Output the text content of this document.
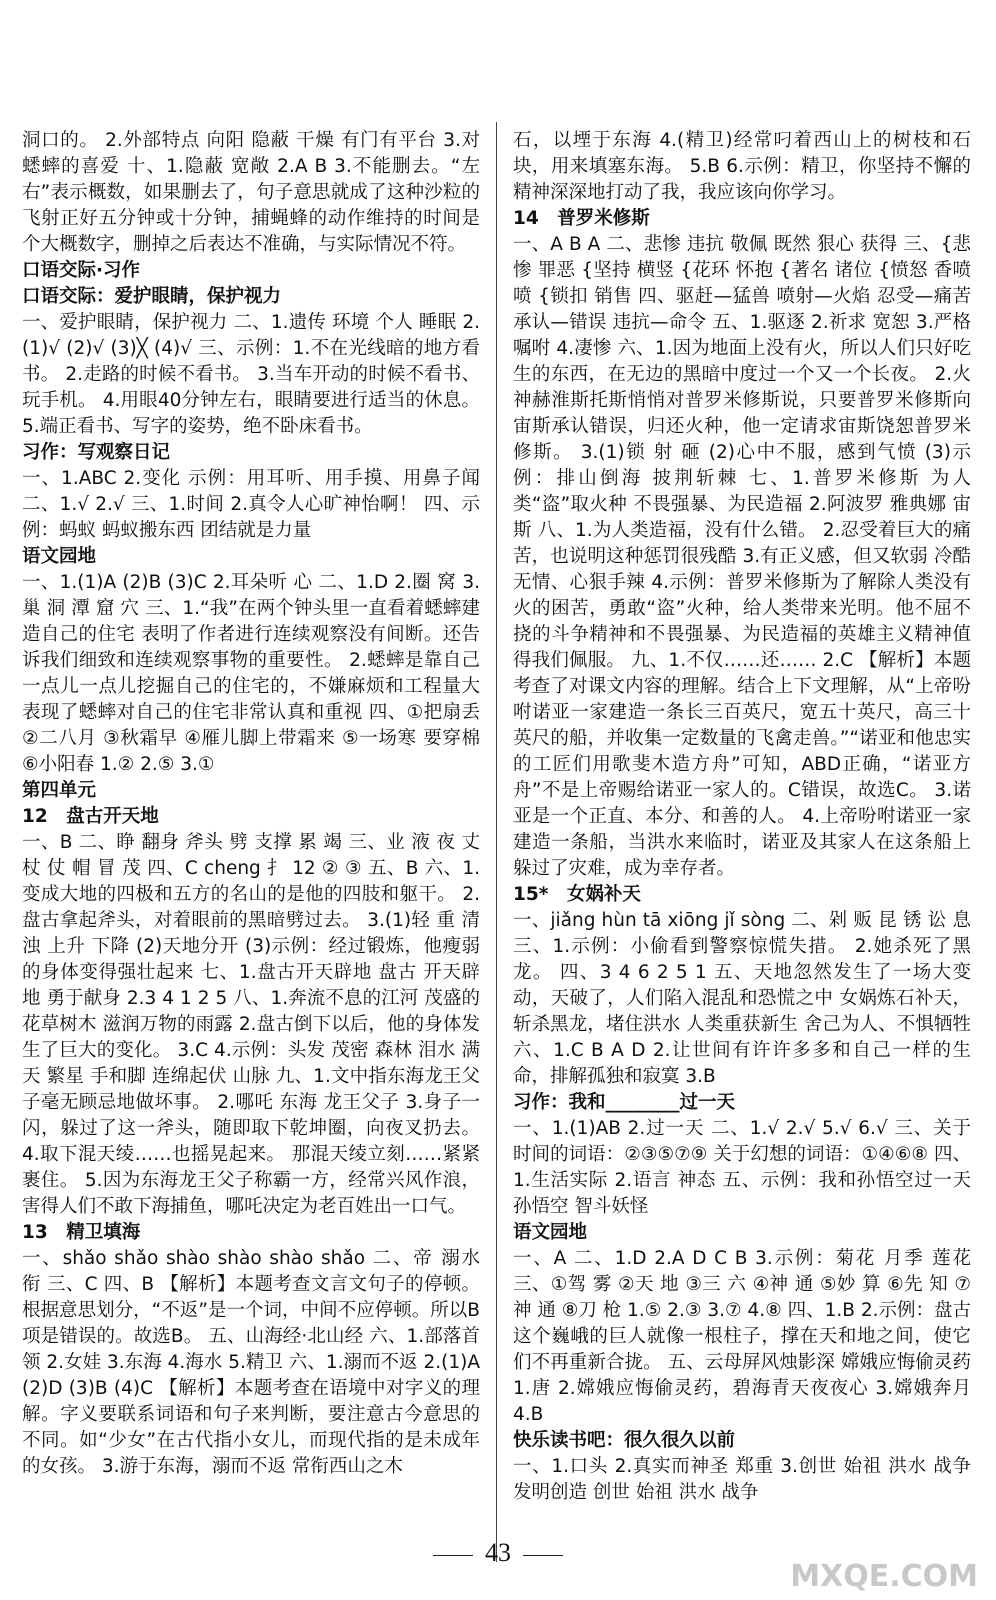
洞口的。 2.外部特点 向阳 隐蔽 干燥 有门有平台 3.对蟋蟀的喜爱 十、1.隐蔽 宽敞 2.A B 3.不能删去。“左右”表示概数，如果删去了，句子意思就成了这种沙粒的飞射正好五分钟或十分钟，捕蝇蜂的动作维持的时间是个大概数字，删掉之后表达不准确，与实际情况不符。

口语交际·习作

口语交际：爱护眼睛，保护视力

一、爱护眼睛，保护视力 二、1.遗传 环境 个人 睡眠 2.(1)√ (2)√ (3)╳ (4)√ 三、示例：1.不在光线暗的地方看书。 2.走路的时候不看书。 3.当车开动的时候不看书、玩手机。 4.用眼40分钟左右，眼睛要进行适当的休息。 5.端正看书、写字的姿势，绝不卧床看书。

习作：写观察日记

一、1.ABC 2.变化 示例：用耳听、用手摸、用鼻子闻 二、1.√ 2.√ 三、1.时间 2.真令人心旷神怡啊！ 四、示例：蚂蚁 蚂蚁搬东西 团结就是力量

语文园地

一、1.(1)A (2)B (3)C 2.耳朵听 心 二、1.D 2.圈 窝 3.巢 洞 潭 窟 穴 三、1.“我”在两个钟头里一直看着蟋蟀建造自己的住宅 表明了作者进行连续观察没有间断。还告诉我们细致和连续观察事物的重要性。 2.蟋蟀是靠自己一点儿一点儿挖掘自己的住宅的，不嫌麻烦和工程量大 表现了蟋蟀对自己的住宅非常认真和重视 四、①把扇丢 ②二八月 ③秋霜早 ④雁儿脚上带霜来 ⑤一场寒 要穿棉 ⑥小阳春 1.② 2.⑤ 3.①

第四单元

12　盘古开天地

一、B 二、睁 翻身 斧头 劈 支撑 累 竭 三、业 液 夜 丈 杖 仗 帽 冒 茂 四、C cheng 扌 12 ② ③ 五、B 六、1.变成大地的四极和五方的名山的是他的四肢和躯干。 2.盘古拿起斧头，对着眼前的黑暗劈过去。 3.(1)轻 重 清 浊 上升 下降 (2)天地分开 (3)示例：经过锻炼，他瘦弱的身体变得强壮起来 七、1.盘古开天辟地 盘古 开天辟地 勇于献身 2.3 4 1 2 5 八、1.奔流不息的江河 茂盛的花草树木 滋润万物的雨露 2.盘古倒下以后，他的身体发生了巨大的变化。 3.C 4.示例：头发 茂密 森林 泪水 满天 繁星 手和脚 连绵起伏 山脉 九、1.文中指东海龙王父子毫无顾忌地做坏事。 2.哪吒 东海 龙王父子 3.身子一闪，躲过了这一斧头，随即取下乾坤圈，向夜叉扔去。 4.取下混天绫……也摇晃起来。 那混天绫立刻……紧紧裹住。 5.因为东海龙王父子称霸一方，经常兴风作浪，害得人们不敢下海捕鱼，哪吒决定为老百姓出一口气。

13　精卫填海

一、shǎo shǎo shào shào shào shǎo 二、帝 溺水 衔 三、C 四、B 【解析】本题考查文言文句子的停顿。根据意思划分，“不返”是一个词，中间不应停顿。所以B项是错误的。故选B。 五、山海经·北山经 六、1.部落首领 2.女娃 3.东海 4.海水 5.精卫 六、1.溺而不返 2.(1)A (2)D (3)B (4)C 【解析】本题考查在语境中对字义的理解。字义要联系词语和句子来判断，要注意古今意思的不同。如“少女”在古代指小女儿，而现代指的是未成年的女孩。 3.游于东海，溺而不返 常衔西山之木

石，以堙于东海 4.(精卫)经常叼着西山上的树枝和石块，用来填塞东海。 5.B 6.示例：精卫，你坚持不懈的精神深深地打动了我，我应该向你学习。

14　普罗米修斯

一、A B A 二、悲惨 违抗 敬佩 既然 狠心 获得 三、{悲惨 罪恶 {坚持 横竖 {花环 怀抱 {著名 诸位 {愤怒 香喷喷 {锁扣 销售 四、驱赶—猛兽 喷射—火焰 忍受—痛苦 承认—错误 违抗—命令 五、1.驱逐 2.祈求 宽恕 3.严格 嘱咐 4.凄惨 六、1.因为地面上没有火，所以人们只好吃生的东西，在无边的黑暗中度过一个又一个长夜。 2.火神赫淮斯托斯悄悄对普罗米修斯说，只要普罗米修斯向宙斯承认错误，归还火种，他一定请求宙斯饶恕普罗米修斯。 3.(1)锁 射 砸 (2)心中不服，感到气愤 (3)示例：排山倒海 披荆斩棘 七、1.普罗米修斯 为人类“盗”取火种 不畏强暴、为民造福 2.阿波罗 雅典娜 宙斯 八、1.为人类造福，没有什么错。 2.忍受着巨大的痛苦，也说明这种惩罚很残酷 3.有正义感，但又软弱 冷酷无情、心狠手辣 4.示例：普罗米修斯为了解除人类没有火的困苦，勇敢“盗”火种，给人类带来光明。他不屈不挠的斗争精神和不畏强暴、为民造福的英雄主义精神值得我们佩服。 九、1.不仅……还…… 2.C 【解析】本题考查了对课文内容的理解。结合上下文理解，从“上帝吩咐诺亚一家建造一条长三百英尺，宽五十英尺，高三十英尺的船，并收集一定数量的飞禽走兽。”“诺亚和他忠实的工匠们用歌斐木造方舟”可知，ABD正确，“诺亚方舟”不是上帝赐给诺亚一家人的。C错误，故选C。 3.诺亚是一个正直、本分、和善的人。 4.上帝吩咐诺亚一家建造一条船，当洪水来临时，诺亚及其家人在这条船上躲过了灾难，成为幸存者。

15*　女娲补天

一、jiǎng hùn tā xiōng jǐ sòng 二、剁 贩 昆 锈 讼 息 三、1.示例：小偷看到警察惊慌失措。 2.她杀死了黑龙。 四、3 4 6 2 5 1 五、天地忽然发生了一场大变动，天破了，人们陷入混乱和恐慌之中 女娲炼石补天，斩杀黑龙，堵住洪水 人类重获新生 舍己为人、不惧牺牲 六、1.C B A D 2.让世间有许许多多和自己一样的生命，排解孤独和寂寞 3.B

习作：我和________过一天

一、1.(1)AB 2.过一天 二、1.√ 2.√ 5.√ 6.√ 三、关于时间的词语：②③⑤⑦⑨ 关于幻想的词语：①④⑥⑧ 四、1.生活实际 2.语言 神态 五、示例：我和孙悟空过一天 孙悟空 智斗妖怪

语文园地

一、A 二、1.D 2.A D C B 3.示例：菊花 月季 莲花 三、①驾 雾 ②天 地 ③三 六 ④神 通 ⑤妙 算 ⑥先 知 ⑦神 通 ⑧刀 枪 1.⑤ 2.③ 3.⑦ 4.⑧ 四、1.B 2.示例：盘古这个巍峨的巨人就像一根柱子，撑在天和地之间，使它们不再重新合拢。 五、云母屏风烛影深 嫦娥应悔偷灵药 1.唐 2.嫦娥应悔偷灵药，碧海青天夜夜心 3.嫦娥奔月 4.B

快乐读书吧：很久很久以前

一、1.口头 2.真实而神圣 郑重 3.创世 始祖 洪水 战争 发明创造 创世 始祖 洪水 战争

43
MXQE.COM
